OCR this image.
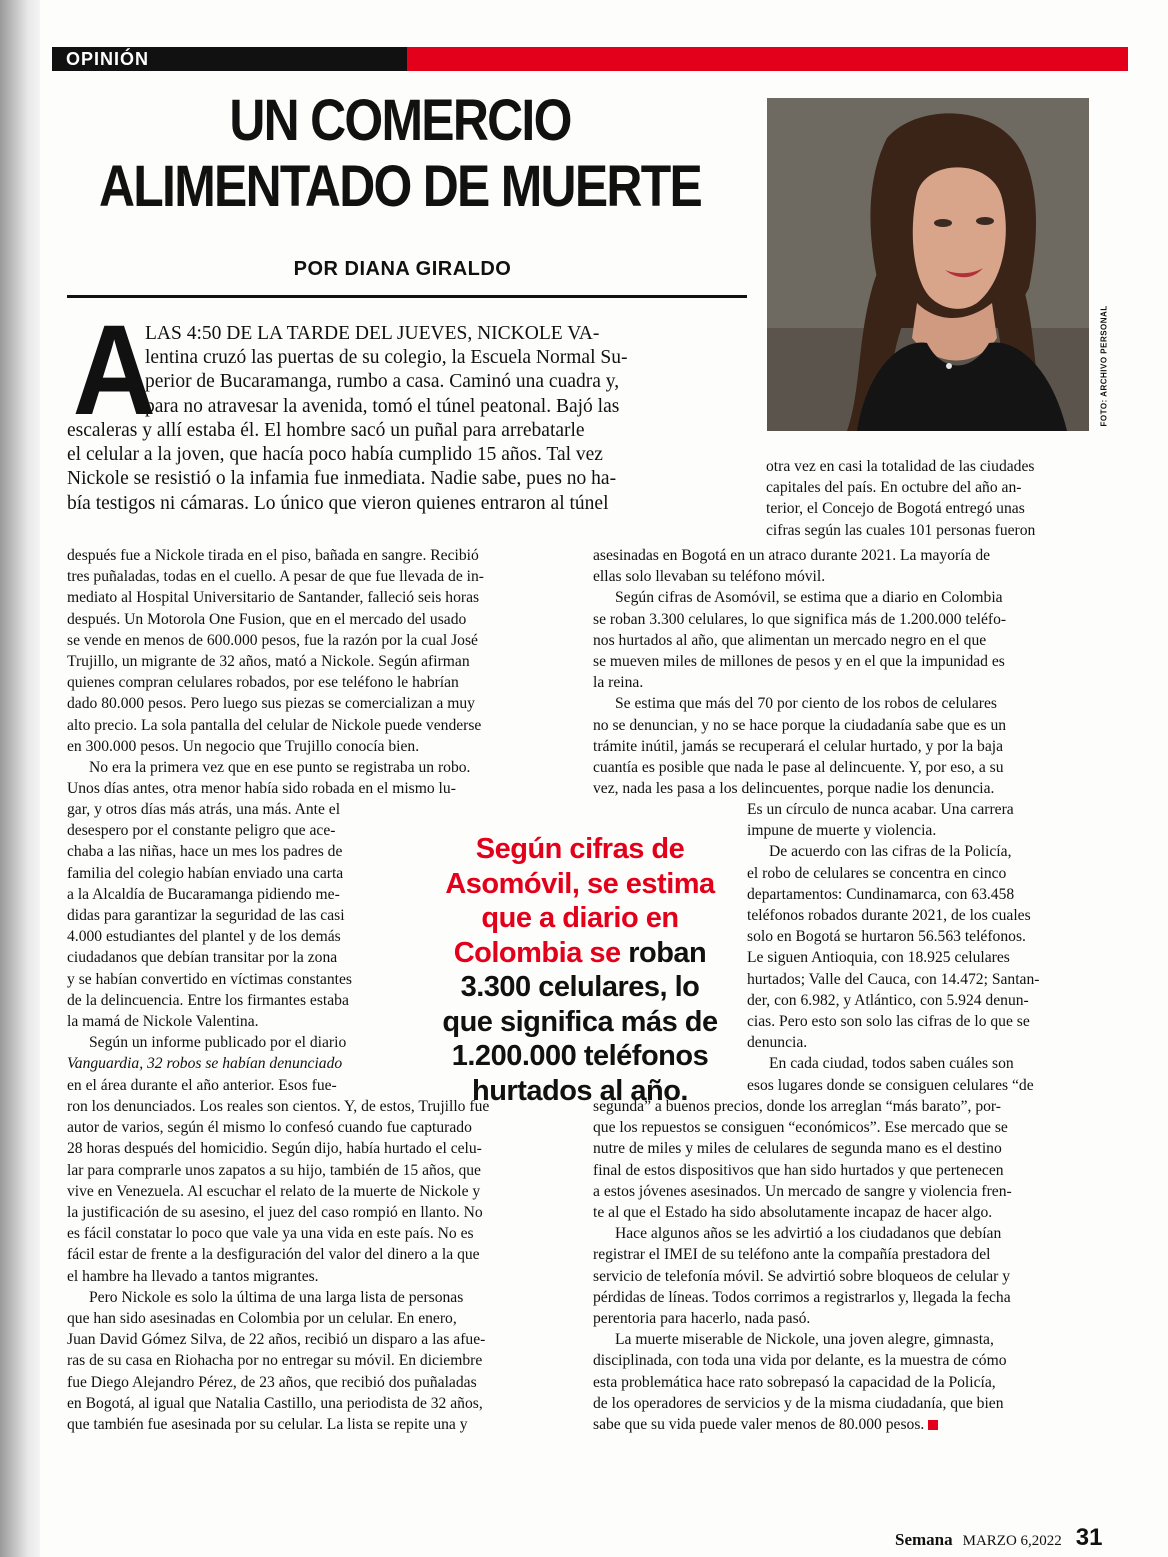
OPINIÓN
UN COMERCIO
ALIMENTADO DE MUERTE
POR DIANA GIRALDO
FOTO: ARCHIVO PERSONAL
A
LAS 4:50 DE LA TARDE DEL JUEVES, NICKOLE VA-
lentina cruzó las puertas de su colegio, la Escuela Normal Su-
perior de Bucaramanga, rumbo a casa. Caminó una cuadra y,
para no atravesar la avenida, tomó el túnel peatonal. Bajó las
escaleras y allí estaba él. El hombre sacó un puñal para arrebatarle
el celular a la joven, que hacía poco había cumplido 15 años. Tal vez
Nickole se resistió o la infamia fue inmediata. Nadie sabe, pues no ha-
bía testigos ni cámaras. Lo único que vieron quienes entraron al túnel
después fue a Nickole tirada en el piso, bañada en sangre. Recibió
tres puñaladas, todas en el cuello. A pesar de que fue llevada de in-
mediato al Hospital Universitario de Santander, falleció seis horas
después. Un Motorola One Fusion, que en el mercado del usado
se vende en menos de 600.000 pesos, fue la razón por la cual José
Trujillo, un migrante de 32 años, mató a Nickole. Según afirman
quienes compran celulares robados, por ese teléfono le habrían
dado 80.000 pesos. Pero luego sus piezas se comercializan a muy
alto precio. La sola pantalla del celular de Nickole puede venderse
en 300.000 pesos. Un negocio que Trujillo conocía bien.
No era la primera vez que en ese punto se registraba un robo.
Unos días antes, otra menor había sido robada en el mismo lu-
gar, y otros días más atrás, una más. Ante el
desespero por el constante peligro que ace-
chaba a las niñas, hace un mes los padres de
familia del colegio habían enviado una carta
a la Alcaldía de Bucaramanga pidiendo me-
didas para garantizar la seguridad de las casi
4.000 estudiantes del plantel y de los demás
ciudadanos que debían transitar por la zona
y se habían convertido en víctimas constantes
de la delincuencia. Entre los firmantes estaba
la mamá de Nickole Valentina.
Según un informe publicado por el diario
Vanguardia, 32 robos se habían denunciado
en el área durante el año anterior. Esos fue-
ron los denunciados. Los reales son cientos. Y, de estos, Trujillo fue
autor de varios, según él mismo lo confesó cuando fue capturado
28 horas después del homicidio. Según dijo, había hurtado el celu-
lar para comprarle unos zapatos a su hijo, también de 15 años, que
vive en Venezuela. Al escuchar el relato de la muerte de Nickole y
la justificación de su asesino, el juez del caso rompió en llanto. No
es fácil constatar lo poco que vale ya una vida en este país. No es
fácil estar de frente a la desfiguración del valor del dinero a la que
el hambre ha llevado a tantos migrantes.
Pero Nickole es solo la última de una larga lista de personas
que han sido asesinadas en Colombia por un celular. En enero,
Juan David Gómez Silva, de 22 años, recibió un disparo a las afue-
ras de su casa en Riohacha por no entregar su móvil. En diciembre
fue Diego Alejandro Pérez, de 23 años, que recibió dos puñaladas
en Bogotá, al igual que Natalia Castillo, una periodista de 32 años,
que también fue asesinada por su celular. La lista se repite una y
otra vez en casi la totalidad de las ciudades
capitales del país. En octubre del año an-
terior, el Concejo de Bogotá entregó unas
cifras según las cuales 101 personas fueron
asesinadas en Bogotá en un atraco durante 2021. La mayoría de
ellas solo llevaban su teléfono móvil.
Según cifras de Asomóvil, se estima que a diario en Colombia
se roban 3.300 celulares, lo que significa más de 1.200.000 teléfo-
nos hurtados al año, que alimentan un mercado negro en el que
se mueven miles de millones de pesos y en el que la impunidad es
la reina.
Se estima que más del 70 por ciento de los robos de celulares
no se denuncian, y no se hace porque la ciudadanía sabe que es un
trámite inútil, jamás se recuperará el celular hurtado, y por la baja
cuantía es posible que nada le pase al delincuente. Y, por eso, a su
vez, nada les pasa a los delincuentes, porque nadie los denuncia.
Es un círculo de nunca acabar. Una carrera
impune de muerte y violencia.
De acuerdo con las cifras de la Policía,
el robo de celulares se concentra en cinco
departamentos: Cundinamarca, con 63.458
teléfonos robados durante 2021, de los cuales
solo en Bogotá se hurtaron 56.563 teléfonos.
Le siguen Antioquia, con 18.925 celulares
hurtados; Valle del Cauca, con 14.472; Santan-
der, con 6.982, y Atlántico, con 5.924 denun-
cias. Pero esto son solo las cifras de lo que se
denuncia.
En cada ciudad, todos saben cuáles son
esos lugares donde se consiguen celulares “de
segunda” a buenos precios, donde los arreglan “más barato”, por-
que los repuestos se consiguen “económicos”. Ese mercado que se
nutre de miles y miles de celulares de segunda mano es el destino
final de estos dispositivos que han sido hurtados y que pertenecen
a estos jóvenes asesinados. Un mercado de sangre y violencia fren-
te al que el Estado ha sido absolutamente incapaz de hacer algo.
Hace algunos años se les advirtió a los ciudadanos que debían
registrar el IMEI de su teléfono ante la compañía prestadora del
servicio de telefonía móvil. Se advirtió sobre bloqueos de celular y
pérdidas de líneas. Todos corrimos a registrarlos y, llegada la fecha
perentoria para hacerlo, nada pasó.
La muerte miserable de Nickole, una joven alegre, gimnasta,
disciplinada, con toda una vida por delante, es la muestra de cómo
esta problemática hace rato sobrepasó la capacidad de la Policía,
de los operadores de servicios y de la misma ciudadanía, que bien
sabe que su vida puede valer menos de 80.000 pesos.
Según cifras de Asomóvil, se estima que a diario en Colombia se roban 3.300 celulares, lo que significa más de 1.200.000 teléfonos hurtados al año.
Semana MARZO 6,2022 31
